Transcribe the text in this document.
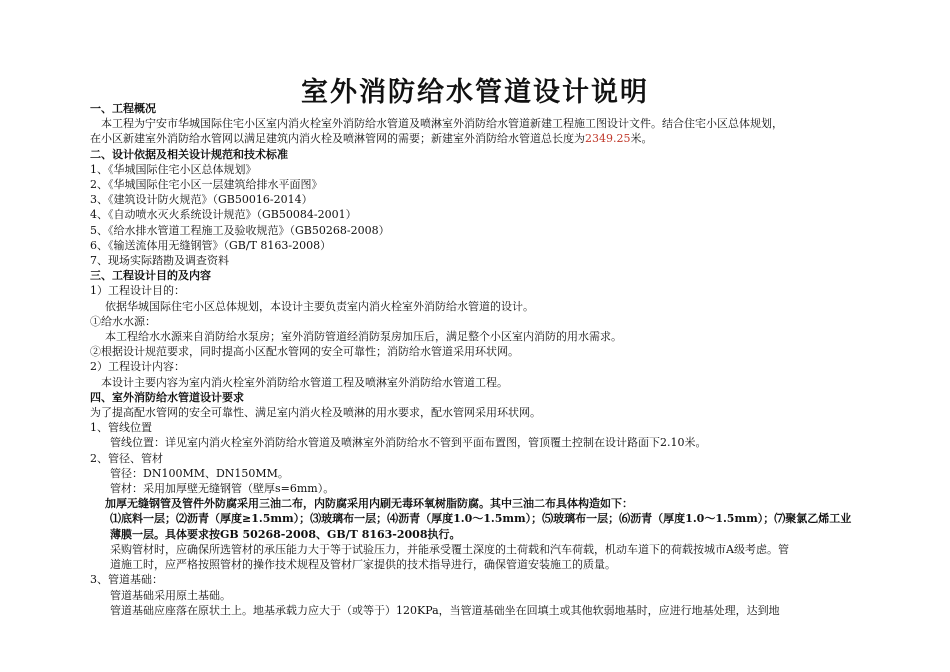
室外消防给水管道设计说明

一、工程概况

本工程为宁安市华城国际住宅小区室内消火栓室外消防给水管道及喷淋室外消防给水管道新建工程施工图设计文件。结合住宅小区总体规划，

在小区新建室外消防给水管网以满足建筑内消火栓及喷淋管网的需要；新建室外消防给水管道总长度为2349.25米。

二、设计依据及相关设计规范和技术标准

1、《华城国际住宅小区总体规划》

2、《华城国际住宅小区一层建筑给排水平面图》

3、《建筑设计防火规范》（GB50016-2014）

4、《自动喷水灭火系统设计规范》（GB50084-2001）

5、《给水排水管道工程施工及验收规范》（GB50268-2008）

6、《输送流体用无缝钢管》（GB/T 8163-2008）

7、现场实际踏勘及调查资料

三、工程设计目的及内容

1）工程设计目的：

依据华城国际住宅小区总体规划，本设计主要负责室内消火栓室外消防给水管道的设计。

①给水水源：

本工程给水水源来自消防给水泵房；室外消防管道经消防泵房加压后，满足整个小区室内消防的用水需求。

②根据设计规范要求，同时提高小区配水管网的安全可靠性；消防给水管道采用环状网。

2）工程设计内容：

本设计主要内容为室内消火栓室外消防给水管道工程及喷淋室外消防给水管道工程。

四、室外消防给水管道设计要求

为了提高配水管网的安全可靠性、满足室内消火栓及喷淋的用水要求，配水管网采用环状网。

1、管线位置

管线位置：详见室内消火栓室外消防给水管道及喷淋室外消防给水不管到平面布置图，管顶覆土控制在设计路面下2.10米。

2、管径、管材

管径：DN100MM、DN150MM。

管材：采用加厚壁无缝钢管（壁厚s=6mm）。

加厚无缝钢管及管件外防腐采用三油二布，内防腐采用内刷无毒环氧树脂防腐。其中三油二布具体构造如下：

⑴底料一层；⑵沥青（厚度≥1.5mm）；⑶玻璃布一层；⑷沥青（厚度1.0～1.5mm）；⑸玻璃布一层；⑹沥青（厚度1.0～1.5mm）；⑺聚氯乙烯工业

薄膜一层。具体要求按GB 50268-2008、GB/T 8163-2008执行。

采购管材时，应确保所选管材的承压能力大于等于试验压力，并能承受覆土深度的土荷载和汽车荷载，机动车道下的荷载按城市A级考虑。管

道施工时，应严格按照管材的操作技术规程及管材厂家提供的技术指导进行，确保管道安装施工的质量。

3、管道基础：

管道基础采用原土基础。

管道基础应座落在原状土上。地基承载力应大于（或等于）120KPa，当管道基础坐在回填土或其他软弱地基时，应进行地基处理，达到地
